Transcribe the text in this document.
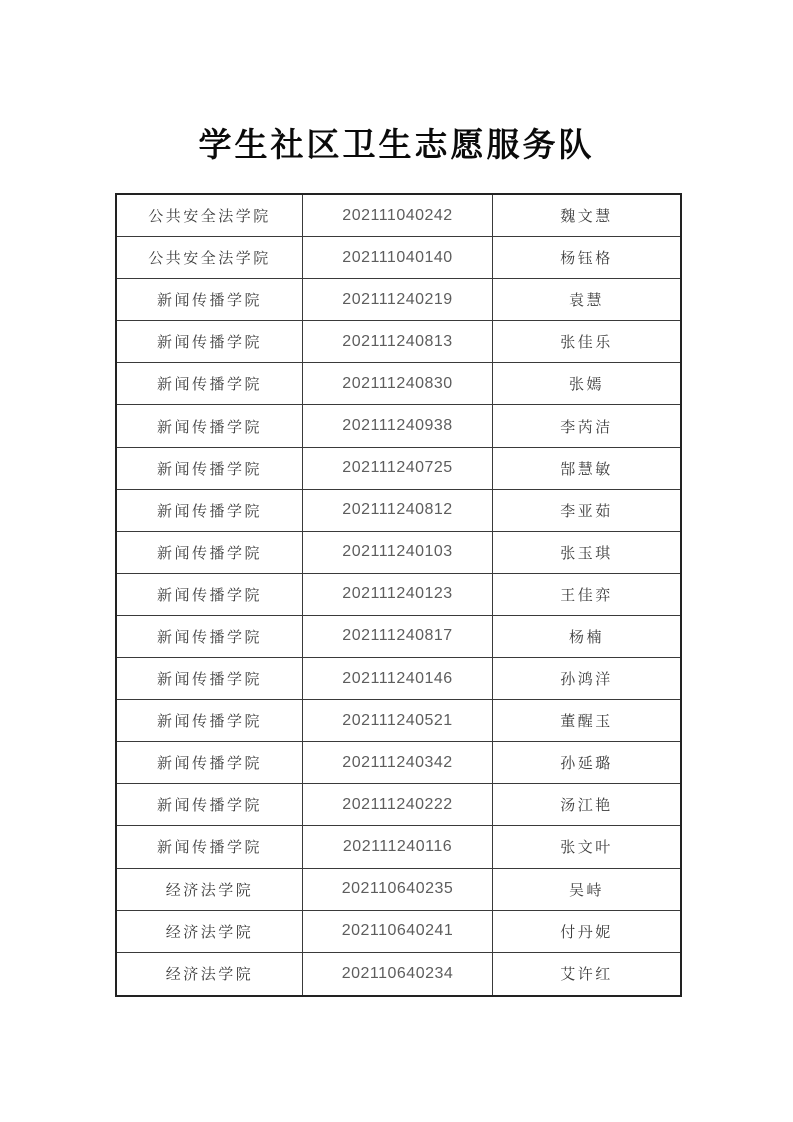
学生社区卫生志愿服务队
公共安全法学院	202111040242	魏文慧
公共安全法学院	202111040140	杨钰格
新闻传播学院	202111240219	袁慧
新闻传播学院	202111240813	张佳乐
新闻传播学院	202111240830	张嫣
新闻传播学院	202111240938	李芮洁
新闻传播学院	202111240725	郜慧敏
新闻传播学院	202111240812	李亚茹
新闻传播学院	202111240103	张玉琪
新闻传播学院	202111240123	王佳弈
新闻传播学院	202111240817	杨楠
新闻传播学院	202111240146	孙鸿洋
新闻传播学院	202111240521	董醒玉
新闻传播学院	202111240342	孙延璐
新闻传播学院	202111240222	汤江艳
新闻传播学院	202111240116	张文叶
经济法学院	202110640235	吴峙
经济法学院	202110640241	付丹妮
经济法学院	202110640234	艾许红
